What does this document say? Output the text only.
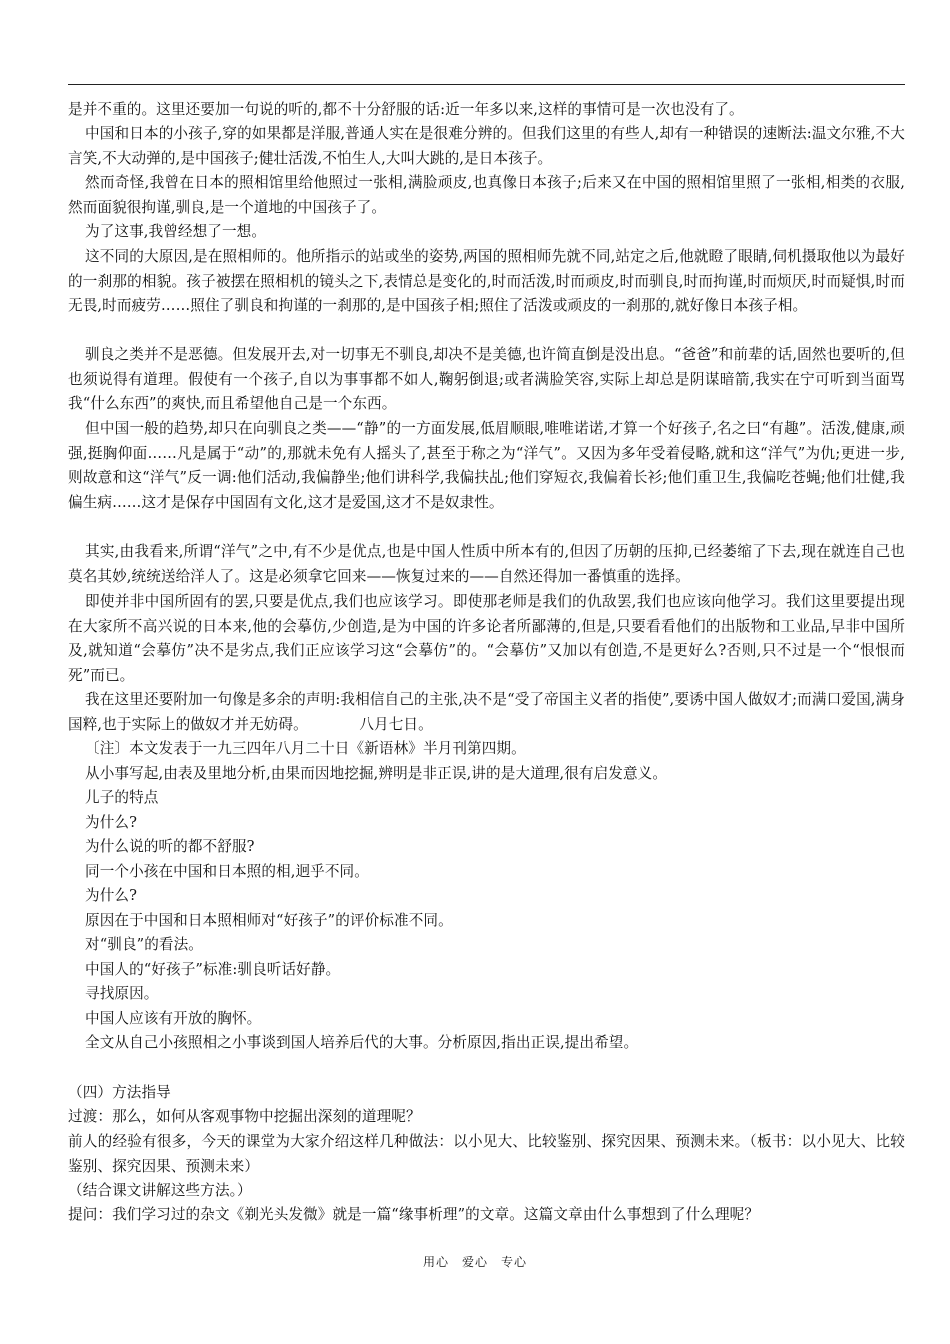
是并不重的。这里还要加一句说的听的,都不十分舒服的话:近一年多以来,这样的事情可是一次也没有了。

中国和日本的小孩子,穿的如果都是洋服,普通人实在是很难分辨的。但我们这里的有些人,却有一种错误的速断法:温文尔雅,不大言笑,不大动弹的,是中国孩子;健壮活泼,不怕生人,大叫大跳的,是日本孩子。

然而奇怪,我曾在日本的照相馆里给他照过一张相,满脸顽皮,也真像日本孩子;后来又在中国的照相馆里照了一张相,相类的衣服,然而面貌很拘谨,驯良,是一个道地的中国孩子了。

为了这事,我曾经想了一想。

这不同的大原因,是在照相师的。他所指示的站或坐的姿势,两国的照相师先就不同,站定之后,他就瞪了眼睛,伺机摄取他以为最好的一刹那的相貌。孩子被摆在照相机的镜头之下,表情总是变化的,时而活泼,时而顽皮,时而驯良,时而拘谨,时而烦厌,时而疑惧,时而无畏,时而疲劳……照住了驯良和拘谨的一刹那的,是中国孩子相;照住了活泼或顽皮的一刹那的,就好像日本孩子相。

驯良之类并不是恶德。但发展开去,对一切事无不驯良,却决不是美德,也许简直倒是没出息。“爸爸”和前辈的话,固然也要听的,但也须说得有道理。假使有一个孩子,自以为事事都不如人,鞠躬倒退;或者满脸笑容,实际上却总是阴谋暗箭,我实在宁可听到当面骂我“什么东西”的爽快,而且希望他自己是一个东西。

但中国一般的趋势,却只在向驯良之类——“静”的一方面发展,低眉顺眼,唯唯诺诺,才算一个好孩子,名之曰“有趣”。活泼,健康,顽强,挺胸仰面……凡是属于“动”的,那就未免有人摇头了,甚至于称之为“洋气”。又因为多年受着侵略,就和这“洋气”为仇;更进一步,则故意和这“洋气”反一调:他们活动,我偏静坐;他们讲科学,我偏扶乩;他们穿短衣,我偏着长衫;他们重卫生,我偏吃苍蝇;他们壮健,我偏生病……这才是保存中国固有文化,这才是爱国,这才不是奴隶性。

其实,由我看来,所谓“洋气”之中,有不少是优点,也是中国人性质中所本有的,但因了历朝的压抑,已经萎缩了下去,现在就连自己也莫名其妙,统统送给洋人了。这是必须拿它回来——恢复过来的——自然还得加一番慎重的选择。

即使并非中国所固有的罢,只要是优点,我们也应该学习。即使那老师是我们的仇敌罢,我们也应该向他学习。我们这里要提出现在大家所不高兴说的日本来,他的会摹仿,少创造,是为中国的许多论者所鄙薄的,但是,只要看看他们的出版物和工业品,早非中国所及,就知道“会摹仿”决不是劣点,我们正应该学习这“会摹仿”的。“会摹仿”又加以有创造,不是更好么?否则,只不过是一个“恨恨而死”而已。

我在这里还要附加一句像是多余的声明:我相信自己的主张,决不是“受了帝国主义者的指使”,要诱中国人做奴才;而满口爱国,满身国粹,也于实际上的做奴才并无妨碍。　　　　八月七日。

〔注〕本文发表于一九三四年八月二十日《新语林》半月刊第四期。

从小事写起,由表及里地分析,由果而因地挖掘,辨明是非正误,讲的是大道理,很有启发意义。

儿子的特点

为什么?

为什么说的听的都不舒服?

同一个小孩在中国和日本照的相,迥乎不同。

为什么?

原因在于中国和日本照相师对“好孩子”的评价标准不同。

对“驯良”的看法。

中国人的“好孩子”标准:驯良听话好静。

寻找原因。

中国人应该有开放的胸怀。

全文从自己小孩照相之小事谈到国人培养后代的大事。分析原因,指出正误,提出希望。

（四）方法指导

过渡：那么，如何从客观事物中挖掘出深刻的道理呢？

前人的经验有很多，今天的课堂为大家介绍这样几种做法：以小见大、比较鉴别、探究因果、预测未来。（板书：以小见大、比较鉴别、探究因果、预测未来）

（结合课文讲解这些方法。）

提问：我们学习过的杂文《剃光头发微》就是一篇“缘事析理”的文章。这篇文章由什么事想到了什么理呢？

用心　爱心　专心
